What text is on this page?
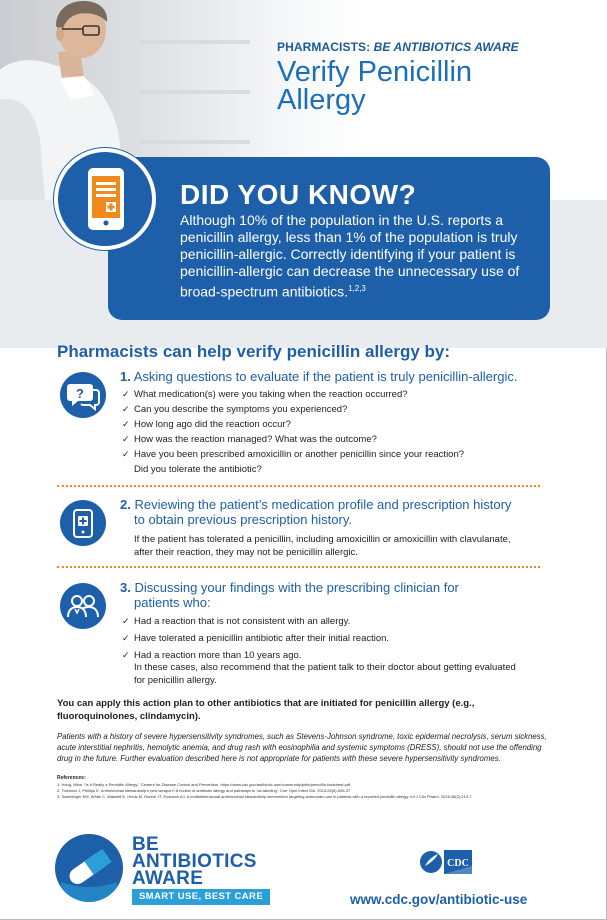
PHARMACISTS: BE ANTIBIOTICS AWARE
Verify Penicillin
Allergy
DID YOU KNOW?
Although 10% of the population in the U.S. reports a penicillin allergy, less than 1% of the population is truly penicillin-allergic. Correctly identifying if your patient is penicillin-allergic can decrease the unnecessary use of broad-spectrum antibiotics.$^{1,2,3}$
Pharmacists can help verify penicillin allergy by:
?
1. Asking questions to evaluate if the patient is truly penicillin-allergic.
✓ What medication(s) were you taking when the reaction occurred?
✓ Can you describe the symptoms you experienced?
✓ How long ago did the reaction occur?
✓ How was the reaction managed? What was the outcome?
✓ Have you been prescribed amoxicillin or another penicillin since your reaction?
Did you tolerate the antibiotic?
2. Reviewing the patient’s medication profile and prescription history
to obtain previous prescription history.
If the patient has tolerated a penicillin, including amoxicillin or amoxicillin with clavulanate, after their reaction, they may not be penicillin allergic.
3. Discussing your findings with the prescribing clinician for
patients who:
✓ Had a reaction that is not consistent with an allergy.
✓ Have tolerated a penicillin antibiotic after their initial reaction.
✓ Had a reaction more than 10 years ago.
In these cases, also recommend that the patient talk to their doctor about getting evaluated for penicillin allergy.
You can apply this action plan to other antibiotics that are initiated for penicillin allergy (e.g., fluoroquinolones, clindamycin).
Patients with a history of severe hypersensitivity syndromes, such as Stevens-Johnson syndrome, toxic epidermal necrolysis, serum sickness, acute interstitial nephritis, hemolytic anemia, and drug rash with eosinophilia and systemic symptoms (DRESS), should not use the offending drug in the future. Further evaluation described here is not appropriate for patients with these severe hypersensitivity syndromes.
References:
1. Hong, Mina. “Is It Really a Penicillin Allergy.” Centers for Disease Control and Prevention. https://www.cdc.gov/antibiotic-use/community/pdfs/penicillin-factsheet.pdf
2. Trubiano J, Phillips E. Antimicrobial stewardship’s new weapon? A review of antibiotic allergy and pathways to ‘de-labeling’. Curr Opin Infect Dis. 2013;26(6):526-37
3. Sweetinger EM, White C, Wasdell E, Hinds M, Rorem JT, Evanson AJ. A multidimensional antimicrobial stewardship intervention targeting aztreonam use in patients with a reported penicillin allergy. Int J Clin Pharm. 2016;38(2):213-7
BE
ANTIBIOTICS
AWARE
SMART USE, BEST CARE
CDC
www.cdc.gov/antibiotic-use
